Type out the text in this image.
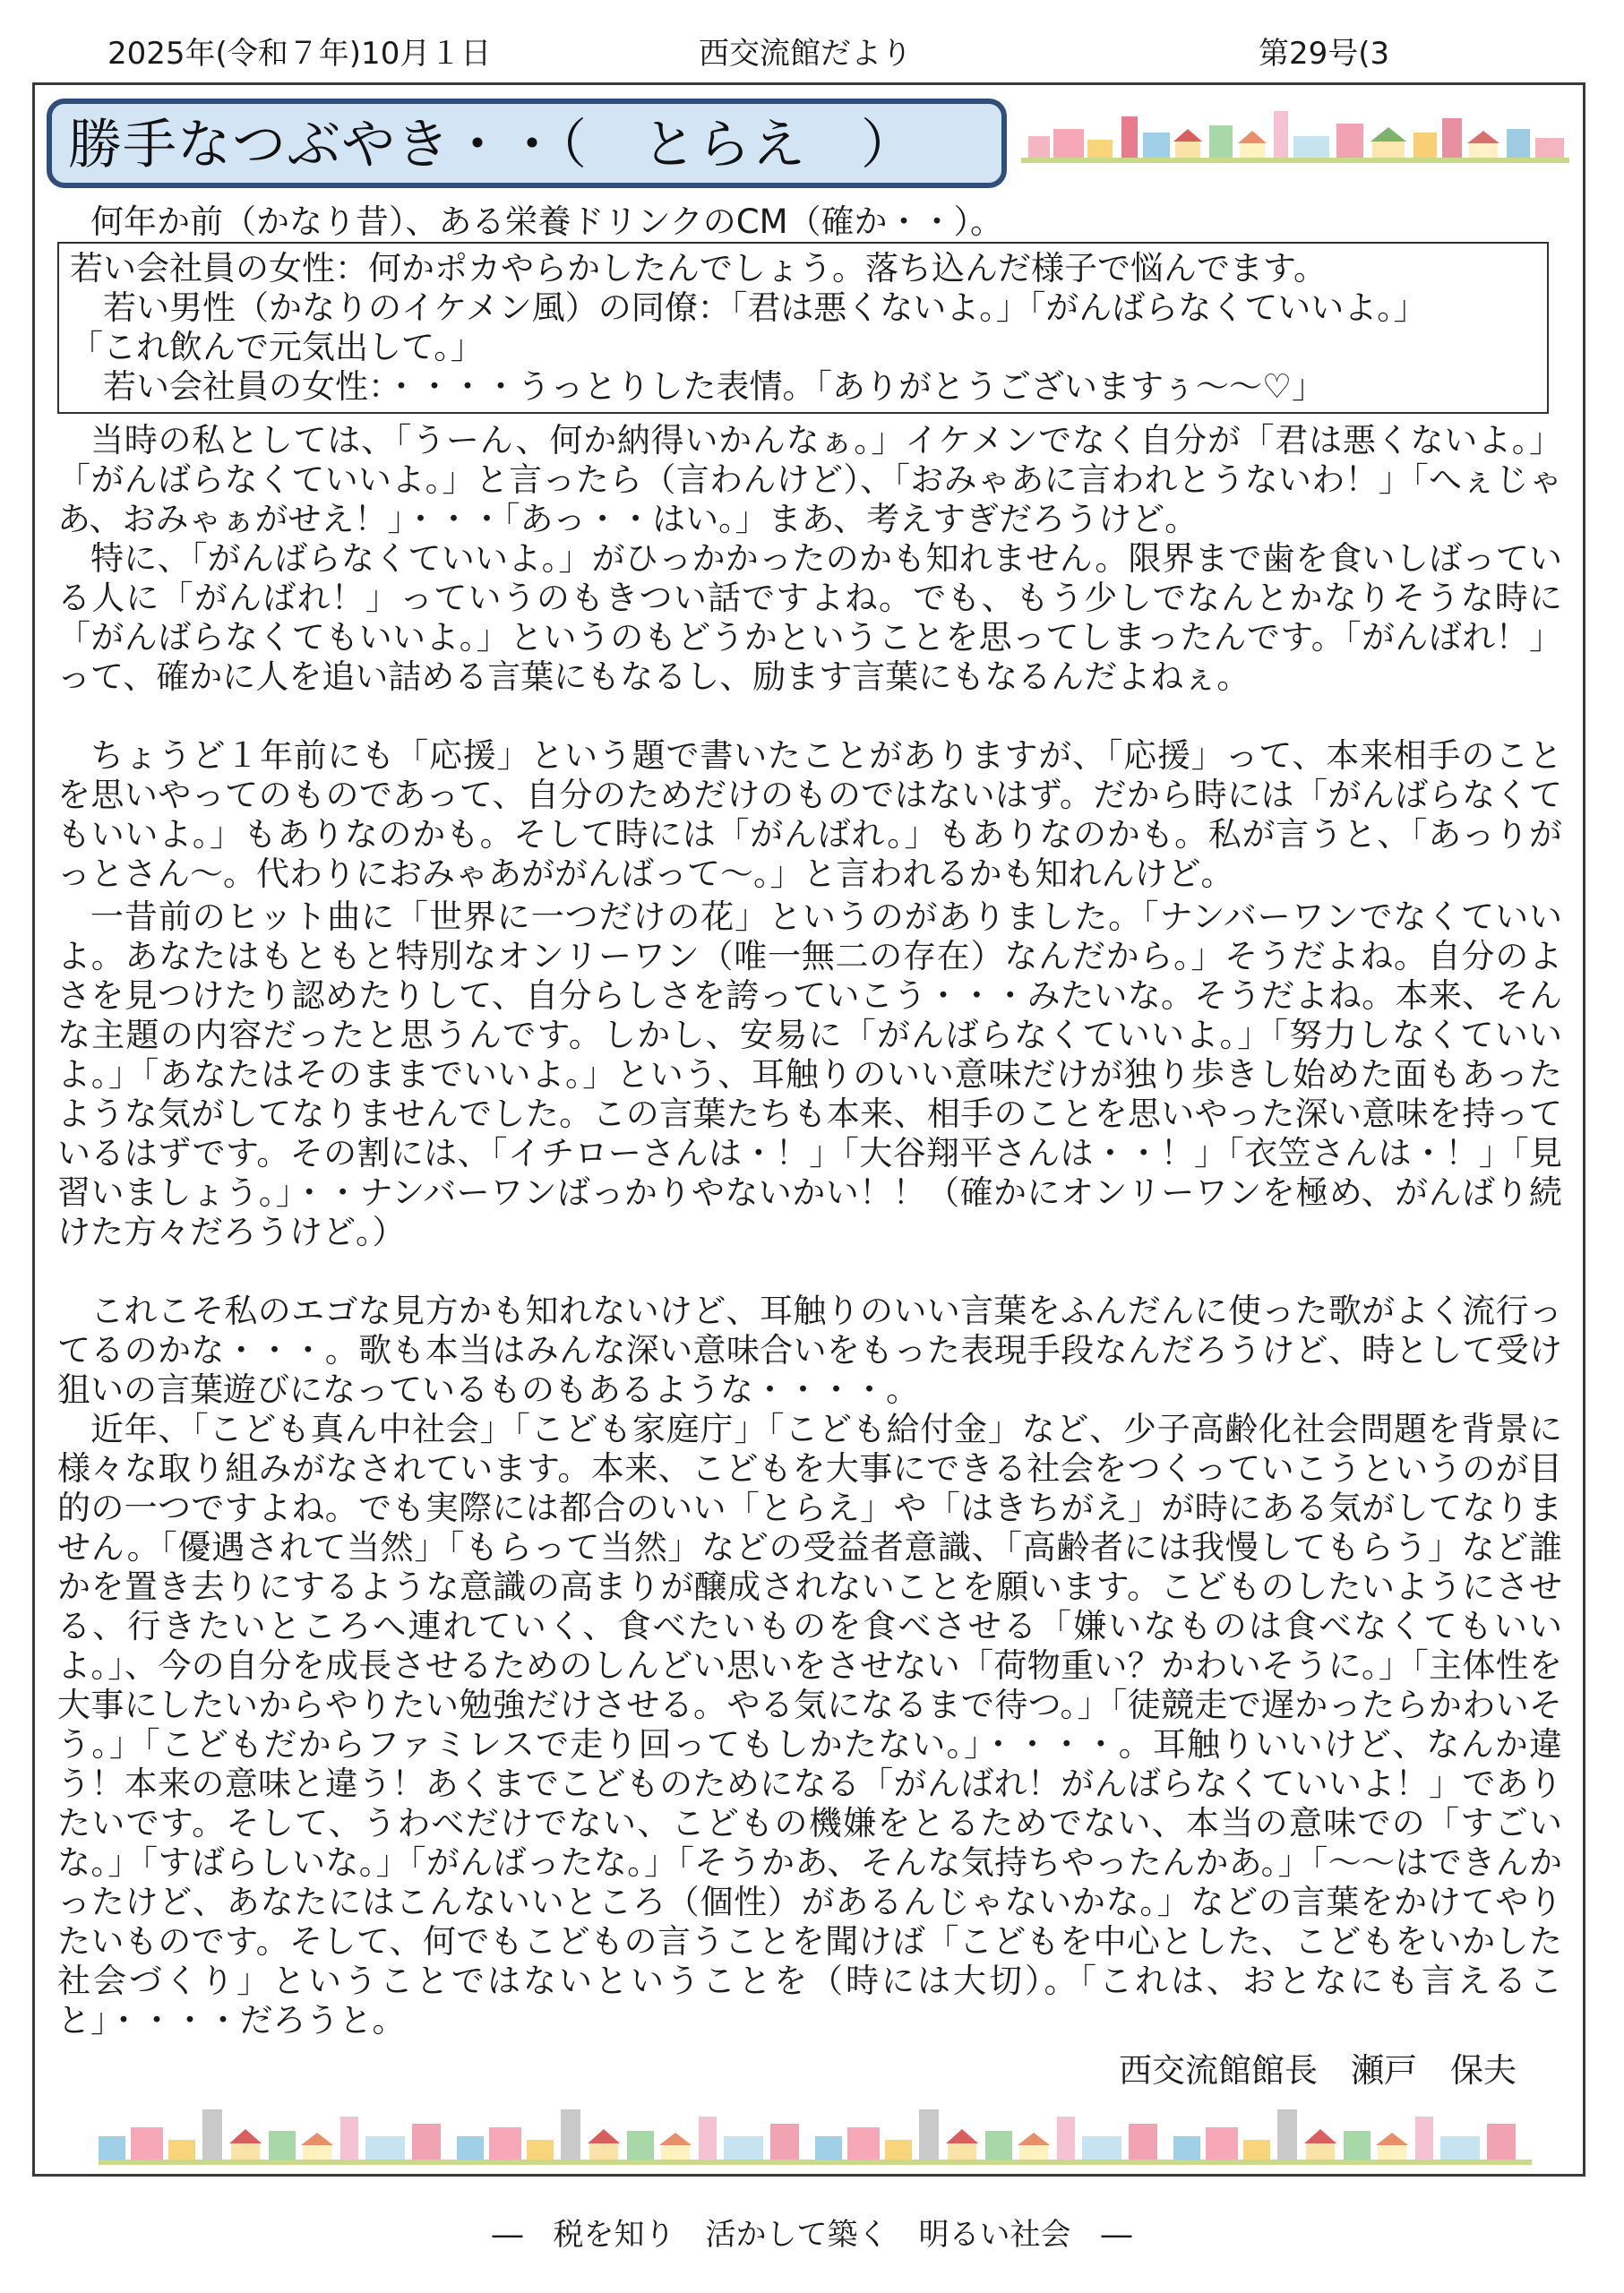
2025年(令和７年)10月１日	西交流館だより	第29号(3
勝手なつぶやき・・（　とらえ　）

何年か前（かなり昔）、ある栄養ドリンクのCM（確か・・）。

若い会社員の女性：何かポカやらかしたんでしょう。落ち込んだ様子で悩んでます。

若い男性（かなりのイケメン風）の同僚：「君は悪くないよ。」「がんばらなくていいよ。」

「これ飲んで元気出して。」

若い会社員の女性：・・・・うっとりした表情。「ありがとうございますぅ〜〜♡」

当時の私としては、「うーん、何か納得いかんなぁ。」イケメンでなく自分が「君は悪くないよ。」「がんばらなくていいよ。」と言ったら（言わんけど）、「おみゃあに言われとうないわ！」「へぇじゃあ、おみゃぁがせえ！」・・・「あっ・・はい。」まあ、考えすぎだろうけど。

特に、「がんばらなくていいよ。」がひっかかったのかも知れません。限界まで歯を食いしばっている人に「がんばれ！」っていうのもきつい話ですよね。でも、もう少しでなんとかなりそうな時に「がんばらなくてもいいよ。」というのもどうかということを思ってしまったんです。「がんばれ！」って、確かに人を追い詰める言葉にもなるし、励ます言葉にもなるんだよねぇ。

ちょうど１年前にも「応援」という題で書いたことがありますが、「応援」って、本来相手のことを思いやってのものであって、自分のためだけのものではないはず。だから時には「がんばらなくてもいいよ。」もありなのかも。そして時には「がんばれ。」もありなのかも。私が言うと、「あっりがっとさん〜。代わりにおみゃあががんばって〜。」と言われるかも知れんけど。

一昔前のヒット曲に「世界に一つだけの花」というのがありました。「ナンバーワンでなくていいよ。あなたはもともと特別なオンリーワン（唯一無二の存在）なんだから。」そうだよね。自分のよさを見つけたり認めたりして、自分らしさを誇っていこう・・・みたいな。そうだよね。本来、そんな主題の内容だったと思うんです。しかし、安易に「がんばらなくていいよ。」「努力しなくていいよ。」「あなたはそのままでいいよ。」という、耳触りのいい意味だけが独り歩きし始めた面もあったような気がしてなりませんでした。この言葉たちも本来、相手のことを思いやった深い意味を持っているはずです。その割には、「イチローさんは・！」「大谷翔平さんは・・！」「衣笠さんは・！」「見習いましょう。」・・ナンバーワンばっかりやないかい！！（確かにオンリーワンを極め、がんばり続けた方々だろうけど。）

これこそ私のエゴな見方かも知れないけど、耳触りのいい言葉をふんだんに使った歌がよく流行ってるのかな・・・。歌も本当はみんな深い意味合いをもった表現手段なんだろうけど、時として受け狙いの言葉遊びになっているものもあるような・・・・。

近年、「こども真ん中社会」「こども家庭庁」「こども給付金」など、少子高齢化社会問題を背景に様々な取り組みがなされています。本来、こどもを大事にできる社会をつくっていこうというのが目的の一つですよね。でも実際には都合のいい「とらえ」や「はきちがえ」が時にある気がしてなりません。「優遇されて当然」「もらって当然」などの受益者意識、「高齢者には我慢してもらう」など誰かを置き去りにするような意識の高まりが醸成されないことを願います。こどものしたいようにさせる、行きたいところへ連れていく、食べたいものを食べさせる「嫌いなものは食べなくてもいいよ。」、今の自分を成長させるためのしんどい思いをさせない「荷物重い？かわいそうに。」「主体性を大事にしたいからやりたい勉強だけさせる。やる気になるまで待つ。」「徒競走で遅かったらかわいそう。」「こどもだからファミレスで走り回ってもしかたない。」・・・・。耳触りいいけど、なんか違う！本来の意味と違う！あくまでこどものためになる「がんばれ！がんばらなくていいよ！」でありたいです。そして、うわべだけでない、こどもの機嫌をとるためでない、本当の意味での「すごいな。」「すばらしいな。」「がんばったな。」「そうかあ、そんな気持ちやったんかあ。」「〜〜はできんかったけど、あなたにはこんないいところ（個性）があるんじゃないかな。」などの言葉をかけてやりたいものです。そして、何でもこどもの言うことを聞けば「こどもを中心とした、こどもをいかした社会づくり」ということではないということを（時には大切）。「これは、おとなにも言えること」・・・・だろうと。

西交流館館長　瀬戸　保夫
―　税を知り　活かして築く　明るい社会　―
